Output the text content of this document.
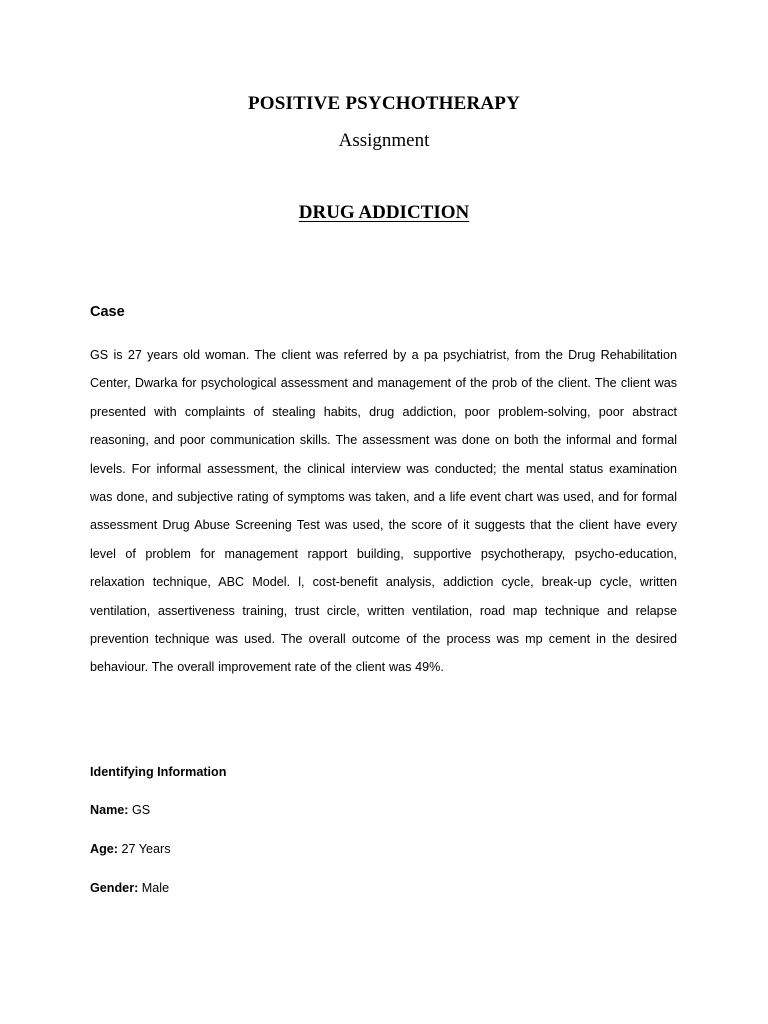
POSITIVE PSYCHOTHERAPY
Assignment
DRUG ADDICTION
Case

GS is 27 years old woman. The client was referred by a pa psychiatrist, from the Drug Rehabilitation Center, Dwarka for psychological assessment and management of the prob of the client. The client was presented with complaints of stealing habits, drug addiction, poor problem-solving, poor abstract reasoning, and poor communication skills. The assessment was done on both the informal and formal levels. For informal assessment, the clinical interview was conducted; the mental status examination was done, and subjective rating of symptoms was taken, and a life event chart was used, and for formal assessment Drug Abuse Screening Test was used, the score of it suggests that the client have every level of problem for management rapport building, supportive psychotherapy, psycho-education, relaxation technique, ABC Model. l, cost-benefit analysis, addiction cycle, break-up cycle, written ventilation, assertiveness training, trust circle, written ventilation, road map technique and relapse prevention technique was used. The overall outcome of the process was mp cement in the desired behaviour. The overall improvement rate of the client was 49%.

Identifying Information
Name: GS
Age: 27 Years
Gender: Male
